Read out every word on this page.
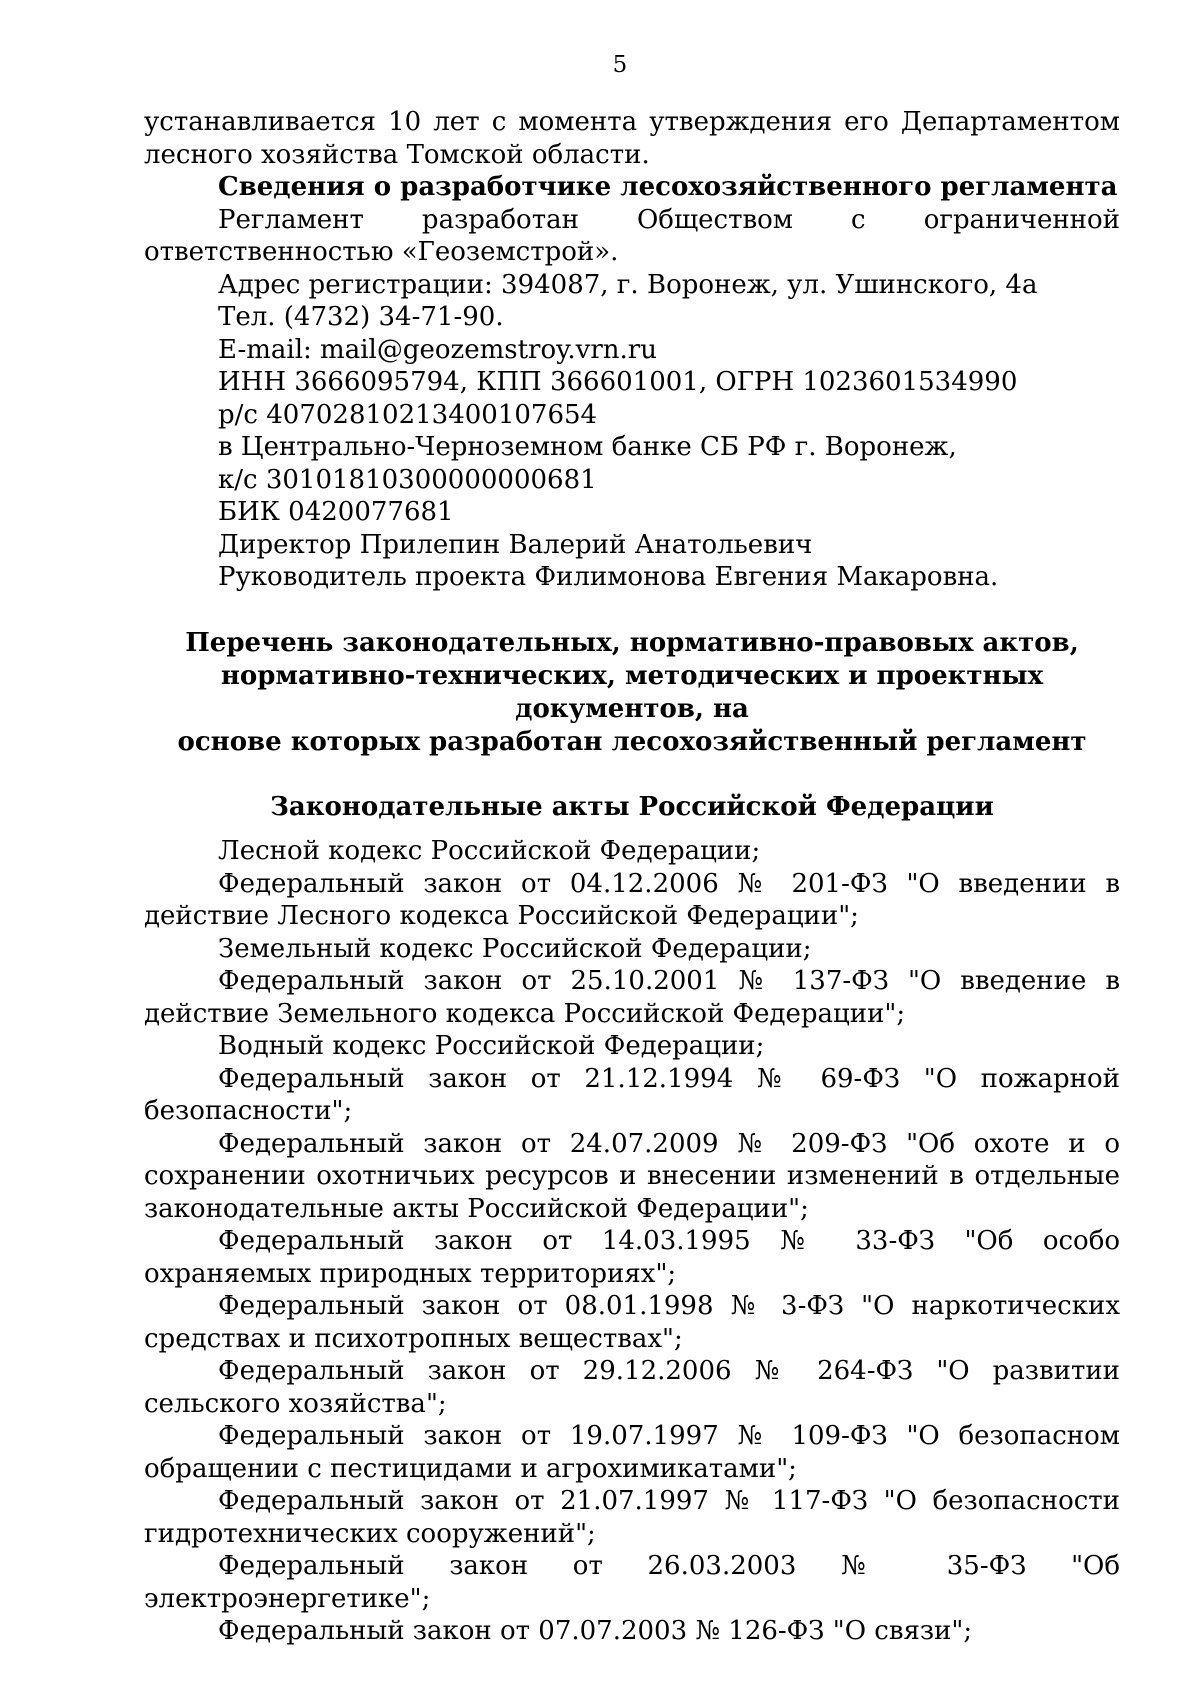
5

устанавливается 10 лет с момента утверждения его Департаментом лесного хозяйства Томской области.

Сведения о разработчике лесохозяйственного регламента

Регламент разработан Обществом с ограниченной ответственностью «Геоземстрой».

Адрес регистрации: 394087, г. Воронеж, ул. Ушинского, 4а

Тел. (4732) 34-71-90.

E-mail: mail@geozemstroy.vrn.ru

ИНН 3666095794, КПП 366601001, ОГРН 1023601534990

р/с 40702810213400107654

в Центрально-Черноземном банке СБ РФ г. Воронеж,

к/с 30101810300000000681

БИК 0420077681

Директор Прилепин Валерий Анатольевич

Руководитель проекта Филимонова Евгения Макаровна.

Перечень законодательных, нормативно-правовых актов,
нормативно-технических, методических и проектных документов, на
основе которых разработан лесохозяйственный регламент

Законодательные акты Российской Федерации

Лесной кодекс Российской Федерации;

Федеральный закон от 04.12.2006 № 201-ФЗ "О введении в действие Лесного кодекса Российской Федерации";

Земельный кодекс Российской Федерации;

Федеральный закон от 25.10.2001 № 137-ФЗ "О введение в действие Земельного кодекса Российской Федерации";

Водный кодекс Российской Федерации;

Федеральный закон от 21.12.1994 № 69-ФЗ "О пожарной безопасности";

Федеральный закон от 24.07.2009 № 209-ФЗ "Об охоте и о сохранении охотничьих ресурсов и внесении изменений в отдельные законодательные акты Российской Федерации";

Федеральный закон от 14.03.1995 № 33-ФЗ "Об особо охраняемых природных территориях";

Федеральный закон от 08.01.1998 № 3-ФЗ "О наркотических средствах и психотропных веществах";

Федеральный закон от 29.12.2006 № 264-ФЗ "О развитии сельского хозяйства";

Федеральный закон от 19.07.1997 № 109-ФЗ "О безопасном обращении с пестицидами и агрохимикатами";

Федеральный закон от 21.07.1997 № 117-ФЗ "О безопасности гидротехнических сооружений";

Федеральный закон от 26.03.2003 № 35-ФЗ "Об электроэнергетике";

Федеральный закон от 07.07.2003 № 126-ФЗ "О связи";
